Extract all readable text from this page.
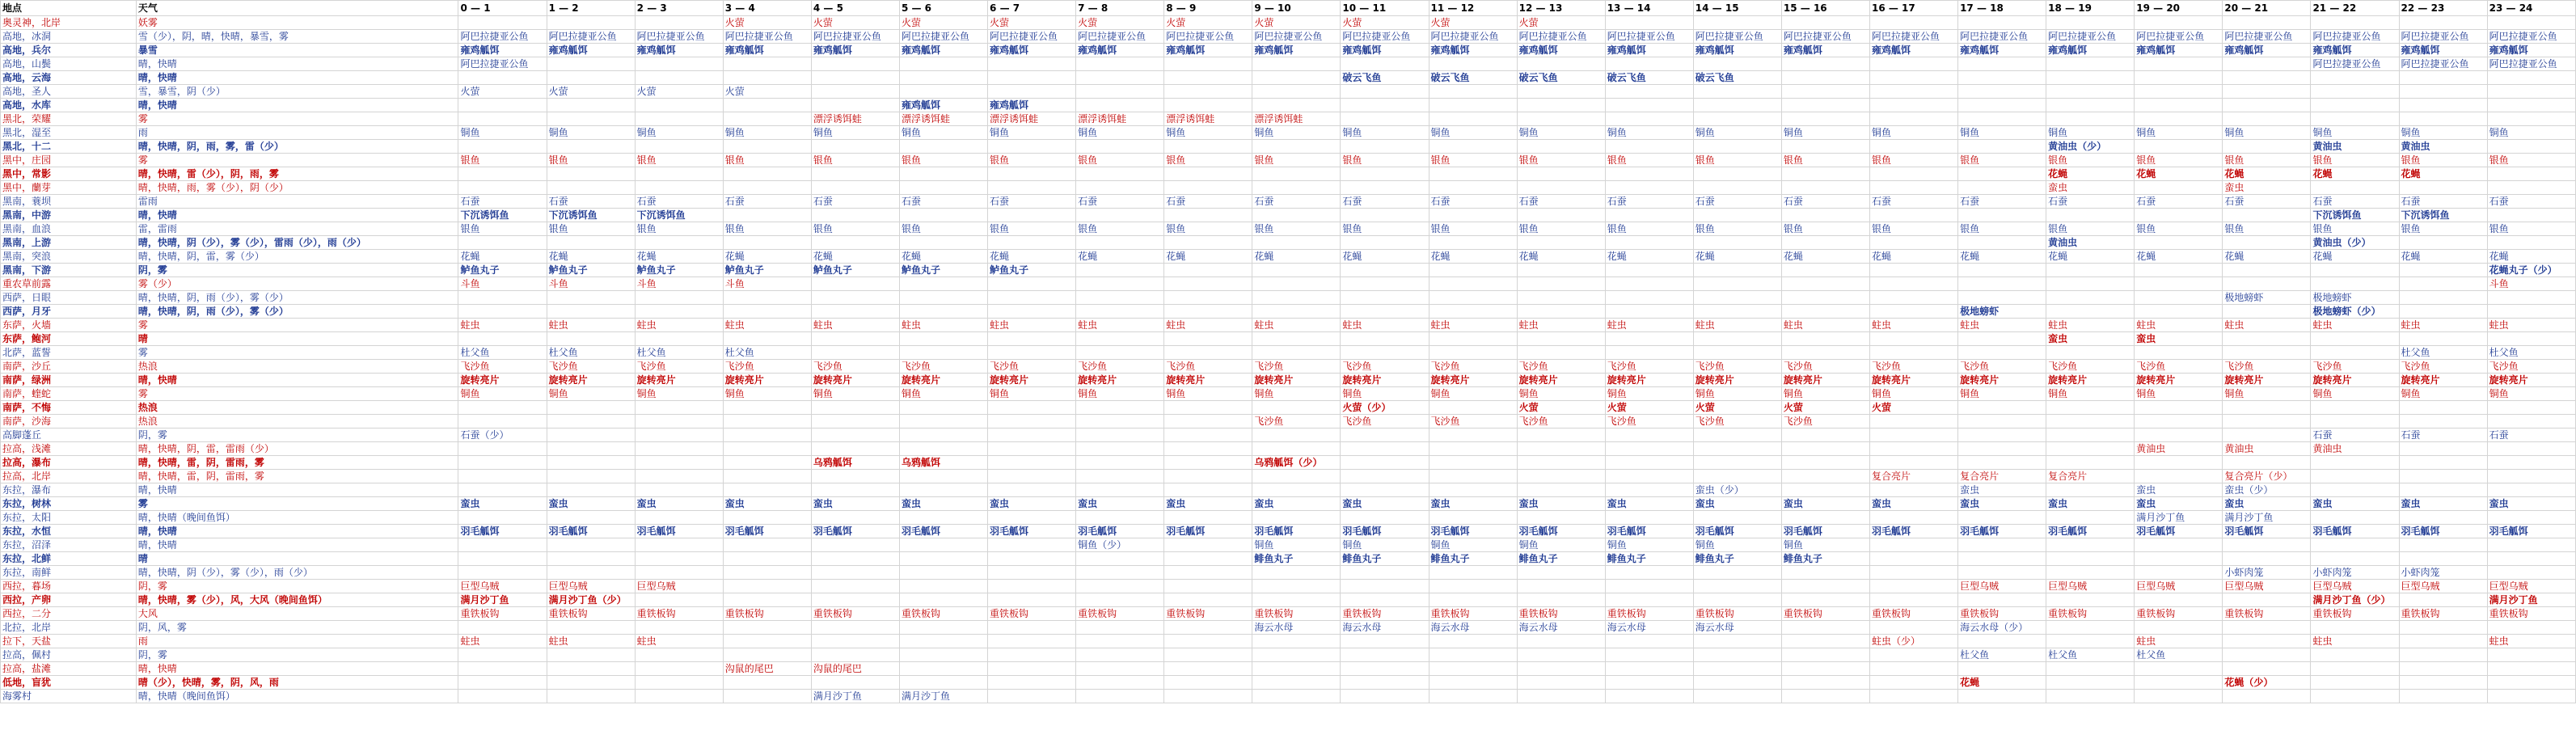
地点	天气	0 — 1	1 — 2	2 — 3	3 — 4	4 — 5	5 — 6	6 — 7	7 — 8	8 — 9	9 — 10	10 — 11	11 — 12	12 — 13	13 — 14	14 — 15	15 — 16	16 — 17	17 — 18	18 — 19	19 — 20	20 — 21	21 — 22	22 — 23	23 — 24
奥灵神，北岸	妖雾				火萤	火萤	火萤	火萤	火萤	火萤	火萤	火萤	火萤	火萤											
高地，冰洞	雪（少），阴，晴，快晴，暴雪，雾	阿巴拉捷亚公鱼	阿巴拉捷亚公鱼	阿巴拉捷亚公鱼	阿巴拉捷亚公鱼	阿巴拉捷亚公鱼	阿巴拉捷亚公鱼	阿巴拉捷亚公鱼	阿巴拉捷亚公鱼	阿巴拉捷亚公鱼	阿巴拉捷亚公鱼	阿巴拉捷亚公鱼	阿巴拉捷亚公鱼	阿巴拉捷亚公鱼	阿巴拉捷亚公鱼	阿巴拉捷亚公鱼	阿巴拉捷亚公鱼	阿巴拉捷亚公鱼	阿巴拉捷亚公鱼	阿巴拉捷亚公鱼	阿巴拉捷亚公鱼	阿巴拉捷亚公鱼	阿巴拉捷亚公鱼	阿巴拉捷亚公鱼	阿巴拉捷亚公鱼
高地，兵尔	暴雪	雍鸡觚饵	雍鸡觚饵	雍鸡觚饵	雍鸡觚饵	雍鸡觚饵	雍鸡觚饵	雍鸡觚饵	雍鸡觚饵	雍鸡觚饵	雍鸡觚饵	雍鸡觚饵	雍鸡觚饵	雍鸡觚饵	雍鸡觚饵	雍鸡觚饵	雍鸡觚饵	雍鸡觚饵	雍鸡觚饵	雍鸡觚饵	雍鸡觚饵	雍鸡觚饵	雍鸡觚饵	雍鸡觚饵	雍鸡觚饵
高地，山鬓	晴，快晴	阿巴拉捷亚公鱼																					阿巴拉捷亚公鱼	阿巴拉捷亚公鱼	阿巴拉捷亚公鱼
高地，云海	晴，快晴											破云飞鱼	破云飞鱼	破云飞鱼	破云飞鱼	破云飞鱼									
高地，圣人	雪，暴雪，阴（少）	火萤	火萤	火萤	火萤																				
高地，水库	晴，快晴						雍鸡觚饵	雍鸡觚饵																	
黑北，荣耀	雾					漂浮诱饵蛙	漂浮诱饵蛙	漂浮诱饵蛙	漂浮诱饵蛙	漂浮诱饵蛙	漂浮诱饵蛙														
黑北，湿至	雨	铜鱼	铜鱼	铜鱼	铜鱼	铜鱼	铜鱼	铜鱼	铜鱼	铜鱼	铜鱼	铜鱼	铜鱼	铜鱼	铜鱼	铜鱼	铜鱼	铜鱼	铜鱼	铜鱼	铜鱼	铜鱼	铜鱼	铜鱼	铜鱼
黑北，十二	晴，快晴，阴，雨，雾，雷（少）																			黄油虫（少）			黄油虫	黄油虫	
黑中，庄园	雾	银鱼	银鱼	银鱼	银鱼	银鱼	银鱼	银鱼	银鱼	银鱼	银鱼	银鱼	银鱼	银鱼	银鱼	银鱼	银鱼	银鱼	银鱼	银鱼	银鱼	银鱼	银鱼	银鱼	银鱼
黑中，常影	晴，快晴，雷（少），阴，雨，雾																			花蝇	花蝇	花蝇	花蝇	花蝇	
黑中，蘭芽	晴，快晴，雨，雾（少），阴（少）																			蛮虫		蛮虫			
黑南，蓑坝	雷雨	石蚕	石蚕	石蚕	石蚕	石蚕	石蚕	石蚕	石蚕	石蚕	石蚕	石蚕	石蚕	石蚕	石蚕	石蚕	石蚕	石蚕	石蚕	石蚕	石蚕	石蚕	石蚕	石蚕	石蚕
黑南，中游	晴，快晴	下沉诱饵鱼	下沉诱饵鱼	下沉诱饵鱼																			下沉诱饵鱼	下沉诱饵鱼	
黑南，血浪	雷，雷雨	银鱼	银鱼	银鱼	银鱼	银鱼	银鱼	银鱼	银鱼	银鱼	银鱼	银鱼	银鱼	银鱼	银鱼	银鱼	银鱼	银鱼	银鱼	银鱼	银鱼	银鱼	银鱼	银鱼	银鱼
黑南，上游	晴，快晴，阴（少），雾（少），雷雨（少），雨（少）																			黄油虫			黄油虫（少）		
黑南，突浪	晴，快晴，阴，雷，雾（少）	花蝇	花蝇	花蝇	花蝇	花蝇	花蝇	花蝇	花蝇	花蝇	花蝇	花蝇	花蝇	花蝇	花蝇	花蝇	花蝇	花蝇	花蝇	花蝇	花蝇	花蝇	花蝇	花蝇	花蝇
黑南，下游	阴，雾	鲈鱼丸子	鲈鱼丸子	鲈鱼丸子	鲈鱼丸子	鲈鱼丸子	鲈鱼丸子	鲈鱼丸子																	花蝇丸子（少）
重农草前露	雾（少）	斗鱼	斗鱼	斗鱼	斗鱼																				斗鱼
西萨，日眼	晴，快晴，阴，雨（少），雾（少）																					极地螃虾	极地螃虾		
西萨，月牙	晴，快晴，阴，雨（少），雾（少）																		极地螃虾				极地螃虾（少）		
东萨，火墙	雾	蛀虫	蛀虫	蛀虫	蛀虫	蛀虫	蛀虫	蛀虫	蛀虫	蛀虫	蛀虫	蛀虫	蛀虫	蛀虫	蛀虫	蛀虫	蛀虫	蛀虫	蛀虫	蛀虫	蛀虫	蛀虫	蛀虫	蛀虫	蛀虫
东萨，鲍河	晴																			蛮虫	蛮虫				
北萨，蓝誓	雾	杜父鱼	杜父鱼	杜父鱼	杜父鱼																			杜父鱼	杜父鱼
南萨，沙丘	热浪	飞沙鱼	飞沙鱼	飞沙鱼	飞沙鱼	飞沙鱼	飞沙鱼	飞沙鱼	飞沙鱼	飞沙鱼	飞沙鱼	飞沙鱼	飞沙鱼	飞沙鱼	飞沙鱼	飞沙鱼	飞沙鱼	飞沙鱼	飞沙鱼	飞沙鱼	飞沙鱼	飞沙鱼	飞沙鱼	飞沙鱼	飞沙鱼
南萨，绿洲	晴，快晴	旋转亮片	旋转亮片	旋转亮片	旋转亮片	旋转亮片	旋转亮片	旋转亮片	旋转亮片	旋转亮片	旋转亮片	旋转亮片	旋转亮片	旋转亮片	旋转亮片	旋转亮片	旋转亮片	旋转亮片	旋转亮片	旋转亮片	旋转亮片	旋转亮片	旋转亮片	旋转亮片	旋转亮片
南萨，蝰蛇	雾	铜鱼	铜鱼	铜鱼	铜鱼	铜鱼	铜鱼	铜鱼	铜鱼	铜鱼	铜鱼	铜鱼	铜鱼	铜鱼	铜鱼	铜鱼	铜鱼	铜鱼	铜鱼	铜鱼	铜鱼	铜鱼	铜鱼	铜鱼	铜鱼
南萨，不悔	热浪											火萤（少）		火萤	火萤	火萤	火萤	火萤							
南萨，沙海	热浪										飞沙鱼	飞沙鱼	飞沙鱼	飞沙鱼	飞沙鱼	飞沙鱼	飞沙鱼								
高脚蓬丘	阴，雾	石蚕（少）																					石蚕	石蚕	石蚕
拉高，浅滩	晴，快晴，阴，雷，雷雨（少）																				黄油虫	黄油虫	黄油虫		
拉高，瀑布	晴，快晴，雷，阴，雷雨，雾					乌鸦觚饵	乌鸦觚饵				乌鸦觚饵（少）														
拉高，北岸	晴，快晴，雷，阴，雷雨，雾																	复合亮片	复合亮片	复合亮片		复合亮片（少）			
东拉，瀑布	晴，快晴															蛮虫（少）			蛮虫		蛮虫	蛮虫（少）			
东拉，树林	雾	蛮虫	蛮虫	蛮虫	蛮虫	蛮虫	蛮虫	蛮虫	蛮虫	蛮虫	蛮虫	蛮虫	蛮虫	蛮虫	蛮虫	蛮虫	蛮虫	蛮虫	蛮虫	蛮虫	蛮虫	蛮虫	蛮虫	蛮虫	蛮虫
东拉，太阳	晴，快晴（晚间鱼饵）																				满月沙丁鱼	满月沙丁鱼			
东拉，水恒	晴，快晴	羽毛觚饵	羽毛觚饵	羽毛觚饵	羽毛觚饵	羽毛觚饵	羽毛觚饵	羽毛觚饵	羽毛觚饵	羽毛觚饵	羽毛觚饵	羽毛觚饵	羽毛觚饵	羽毛觚饵	羽毛觚饵	羽毛觚饵	羽毛觚饵	羽毛觚饵	羽毛觚饵	羽毛觚饵	羽毛觚饵	羽毛觚饵	羽毛觚饵	羽毛觚饵	羽毛觚饵
东拉，沼泽	晴，快晴								铜鱼（少）		铜鱼	铜鱼	铜鱼	铜鱼	铜鱼	铜鱼	铜鱼								
东拉，北鲜	晴										鲱鱼丸子	鲱鱼丸子	鲱鱼丸子	鲱鱼丸子	鲱鱼丸子	鲱鱼丸子	鲱鱼丸子								
东拉，南鲜	晴，快晴，阴（少），雾（少），雨（少）																					小虾肉笼	小虾肉笼	小虾肉笼	
西拉，暮场	阴，雾	巨型乌贼	巨型乌贼	巨型乌贼															巨型乌贼	巨型乌贼	巨型乌贼	巨型乌贼	巨型乌贼	巨型乌贼	巨型乌贼
西拉，产卵	晴，快晴，雾（少），风，大风（晚间鱼饵）	满月沙丁鱼	满月沙丁鱼（少）																				满月沙丁鱼（少）		满月沙丁鱼
西拉，二分	大风	重铁板钩	重铁板钩	重铁板钩	重铁板钩	重铁板钩	重铁板钩	重铁板钩	重铁板钩	重铁板钩	重铁板钩	重铁板钩	重铁板钩	重铁板钩	重铁板钩	重铁板钩	重铁板钩	重铁板钩	重铁板钩	重铁板钩	重铁板钩	重铁板钩	重铁板钩	重铁板钩	重铁板钩
北拉，北岸	阴，风，雾										海云水母	海云水母	海云水母	海云水母	海云水母	海云水母			海云水母（少）						
拉下，天盐	雨	蛀虫	蛀虫	蛀虫														蛀虫（少）			蛀虫		蛀虫		蛀虫
拉高，佩村	阴，雾																		杜父鱼	杜父鱼	杜父鱼				
拉高，盐滩	晴，快晴				沟鼠的尾巴	沟鼠的尾巴																			
低地，盲犹	晴（少），快晴，雾，阴，风，雨																		花蝇			花蝇（少）			
海雾村	晴，快晴（晚间鱼饵）					满月沙丁鱼	满月沙丁鱼																		
